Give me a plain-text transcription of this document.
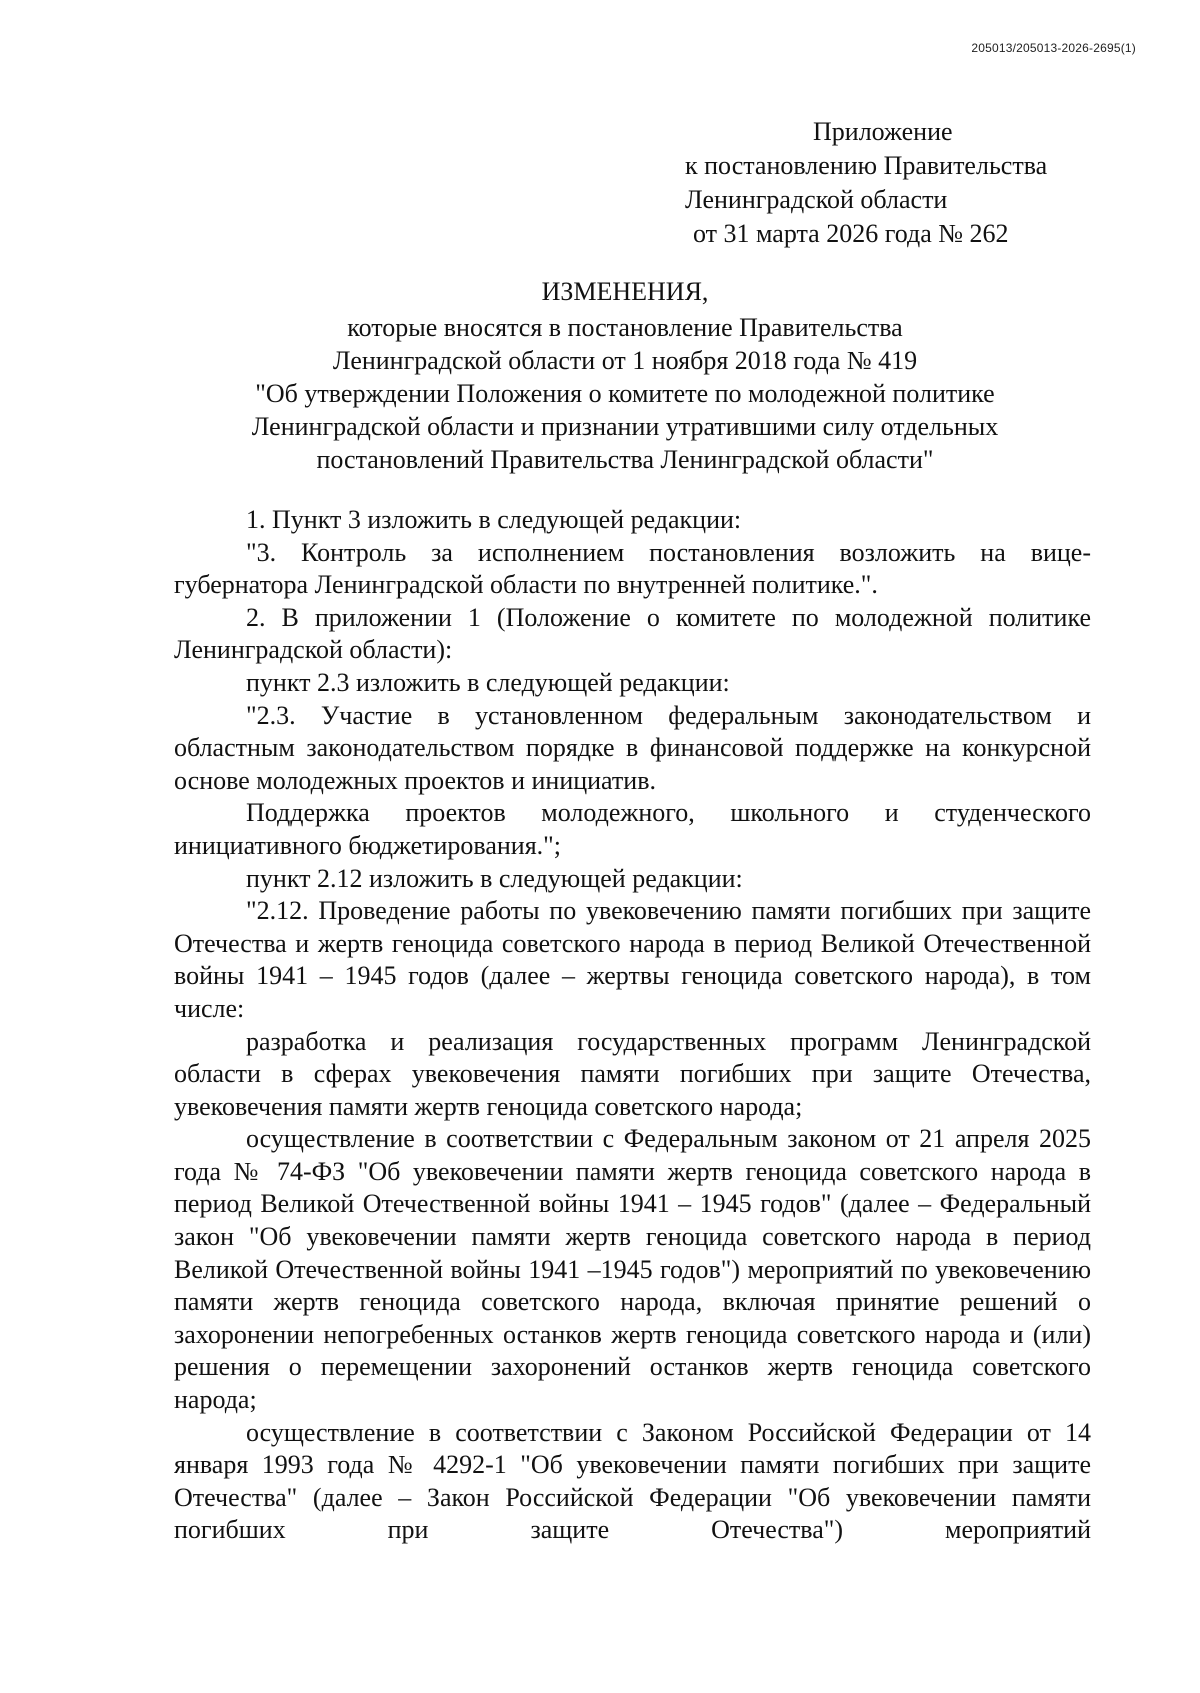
205013/205013-2026-2695(1)
Приложение
к постановлению Правительства
Ленинградской области
от 31 марта 2026 года № 262
ИЗМЕНЕНИЯ,
которые вносятся в постановление Правительства
Ленинградской области от 1 ноября 2018 года № 419
"Об утверждении Положения о комитете по молодежной политике
Ленинградской области и признании утратившими силу отдельных
постановлений Правительства Ленинградской области"

1. Пункт 3 изложить в следующей редакции:

"3. Контроль за исполнением постановления возложить на вице-губернатора Ленинградской области по внутренней политике.".

2. В приложении 1 (Положение о комитете по молодежной политике Ленинградской области):

пункт 2.3 изложить в следующей редакции:

"2.3. Участие в установленном федеральным законодательством и областным законодательством порядке в финансовой поддержке на конкурсной основе молодежных проектов и инициатив.

Поддержка проектов молодежного, школьного и студенческого инициативного бюджетирования.";

пункт 2.12 изложить в следующей редакции:

"2.12. Проведение работы по увековечению памяти погибших при защите Отечества и жертв геноцида советского народа в период Великой Отечественной войны 1941 – 1945 годов (далее – жертвы геноцида советского народа), в том числе:

разработка и реализация государственных программ Ленинградской области в сферах увековечения памяти погибших при защите Отечества, увековечения памяти жертв геноцида советского народа;

осуществление в соответствии с Федеральным законом от 21 апреля 2025 года № 74-ФЗ "Об увековечении памяти жертв геноцида советского народа в период Великой Отечественной войны 1941 – 1945 годов" (далее – Федеральный закон "Об увековечении памяти жертв геноцида советского народа в период Великой Отечественной войны 1941 –1945 годов") мероприятий по увековечению памяти жертв геноцида советского народа, включая принятие решений о захоронении непогребенных останков жертв геноцида советского народа и (или) решения о перемещении захоронений останков жертв геноцида советского народа;

осуществление в соответствии с Законом Российской Федерации от 14 января 1993 года № 4292-1 "Об увековечении памяти погибших при защите Отечества" (далее – Закон Российской Федерации "Об увековечении памяти погибших при защите Отечества") мероприятий
